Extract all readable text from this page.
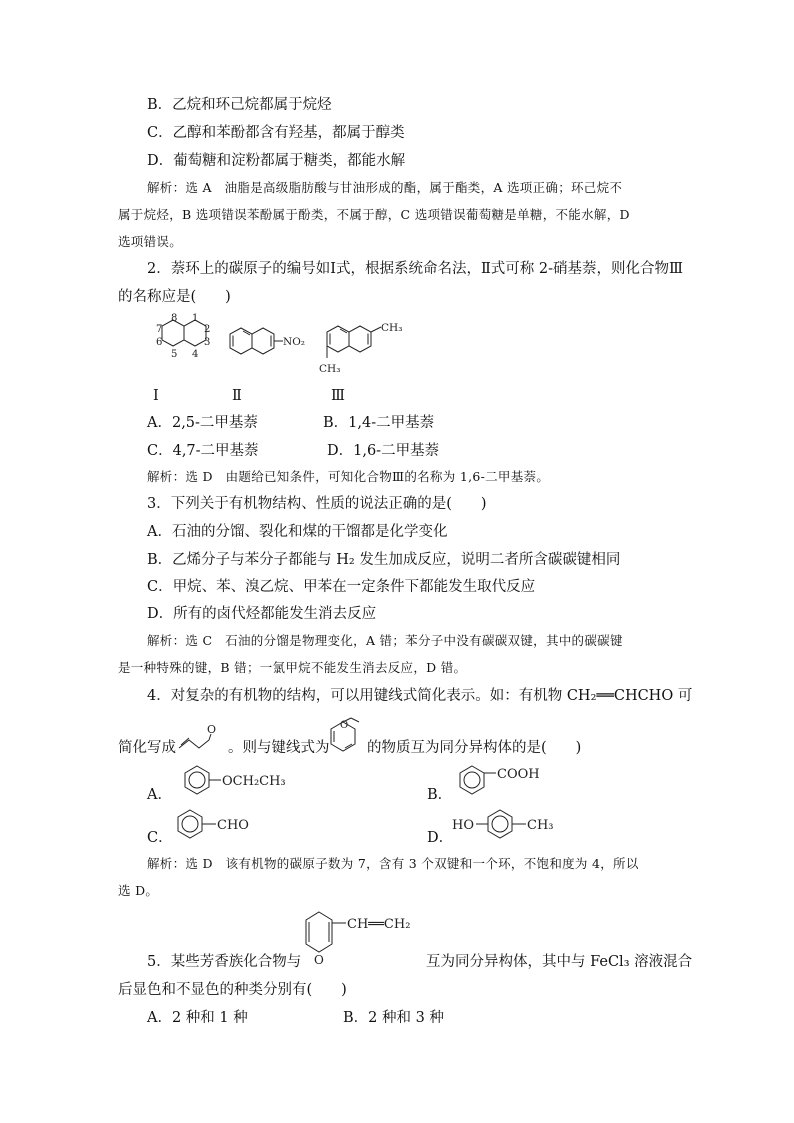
B．乙烷和环己烷都属于烷烃
C．乙醇和苯酚都含有羟基，都属于醇类
D．葡萄糖和淀粉都属于糖类，都能水解
解析：选 A　油脂是高级脂肪酸与甘油形成的酯，属于酯类，A 选项正确；环己烷不
属于烷烃，B 选项错误苯酚属于酚类，不属于醇，C 选项错误葡萄糖是单糖，不能水解，D
选项错误。
2．萘环上的碳原子的编号如Ⅰ式，根据系统命名法，Ⅱ式可称 2-硝基萘，则化合物Ⅲ
的名称应是(　　)
8 1
7	2
6	3
5 4
NO₂
CH₃
CH₃
Ⅰ	Ⅱ	Ⅲ
A．2,5-二甲基萘	B．1,4-二甲基萘
C．4,7-二甲基萘	D．1,6-二甲基萘
解析：选 D　由题给已知条件，可知化合物Ⅲ的名称为 1,6-二甲基萘。
3．下列关于有机物结构、性质的说法正确的是(　　)
A．石油的分馏、裂化和煤的干馏都是化学变化
B．乙烯分子与苯分子都能与 H₂ 发生加成反应，说明二者所含碳碳键相同
C．甲烷、苯、溴乙烷、甲苯在一定条件下都能发生取代反应
D．所有的卤代烃都能发生消去反应
解析：选 C　石油的分馏是物理变化，A 错；苯分子中没有碳碳双键，其中的碳碳键
是一种特殊的键，B 错；一氯甲烷不能发生消去反应，D 错。
4．对复杂的有机物的结构，可以用键线式简化表示。如：有机物 CH₂══CHCHO 可
简化写成
O
。则与键线式为
O
的物质互为同分异构体的是(　　)
A．
OCH₂CH₃
B．
COOH
C．
CHO
D．
HO	CH₃
解析：选 D　该有机物的碳原子数为 7，含有 3 个双键和一个环，不饱和度为 4，所以
选 D。
CH══CH₂
O
5．某些芳香族化合物与	互为同分异构体，其中与 FeCl₃ 溶液混合
后显色和不显色的种类分别有(　　)
A．2 种和 1 种	B．2 种和 3 种
